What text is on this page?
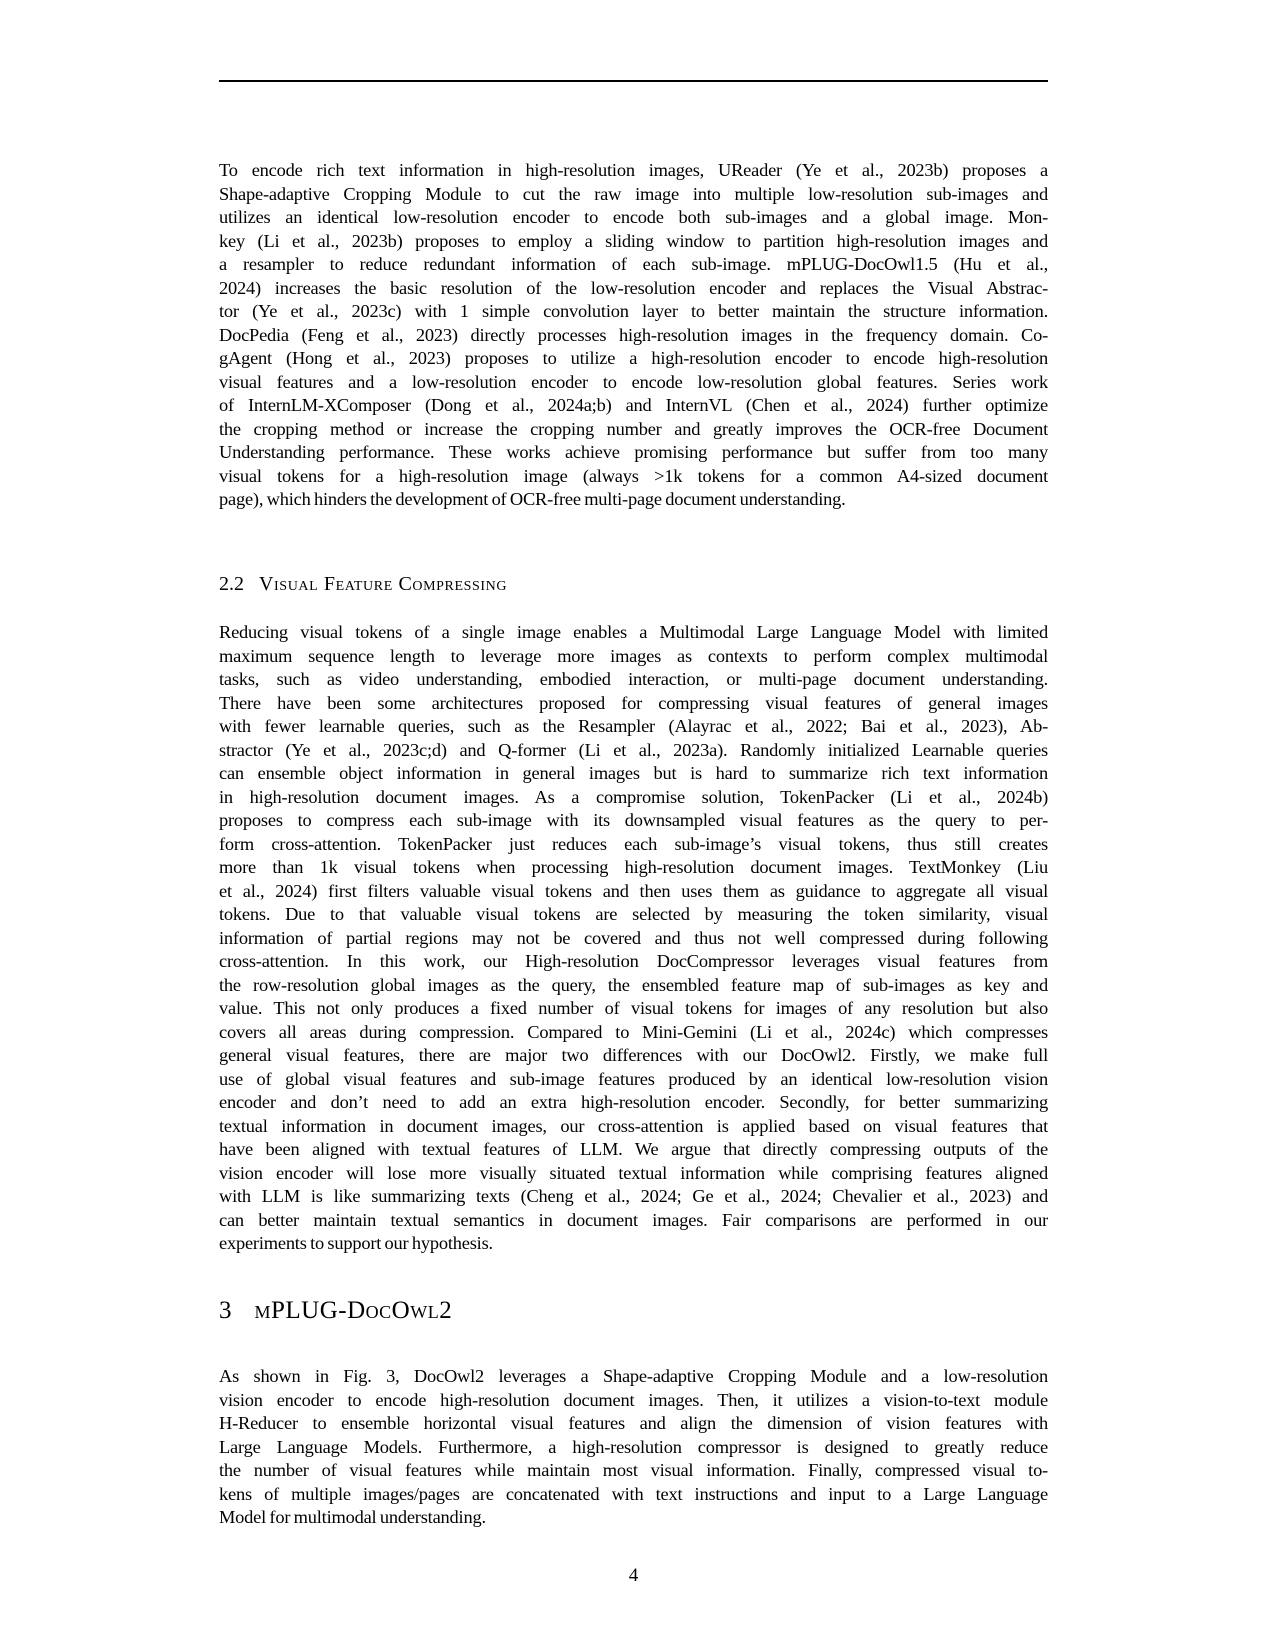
To encode rich text information in high-resolution images, UReader (Ye et al., 2023b) proposes a
Shape-adaptive Cropping Module to cut the raw image into multiple low-resolution sub-images and
utilizes an identical low-resolution encoder to encode both sub-images and a global image. Mon-
key (Li et al., 2023b) proposes to employ a sliding window to partition high-resolution images and
a resampler to reduce redundant information of each sub-image. mPLUG-DocOwl1.5 (Hu et al.,
2024) increases the basic resolution of the low-resolution encoder and replaces the Visual Abstrac-
tor (Ye et al., 2023c) with 1 simple convolution layer to better maintain the structure information.
DocPedia (Feng et al., 2023) directly processes high-resolution images in the frequency domain. Co-
gAgent (Hong et al., 2023) proposes to utilize a high-resolution encoder to encode high-resolution
visual features and a low-resolution encoder to encode low-resolution global features. Series work
of InternLM-XComposer (Dong et al., 2024a;b) and InternVL (Chen et al., 2024) further optimize
the cropping method or increase the cropping number and greatly improves the OCR-free Document
Understanding performance. These works achieve promising performance but suffer from too many
visual tokens for a high-resolution image (always >1k tokens for a common A4-sized document
page), which hinders the development of OCR-free multi-page document understanding.
2.2 Visual Feature Compressing
Reducing visual tokens of a single image enables a Multimodal Large Language Model with limited
maximum sequence length to leverage more images as contexts to perform complex multimodal
tasks, such as video understanding, embodied interaction, or multi-page document understanding.
There have been some architectures proposed for compressing visual features of general images
with fewer learnable queries, such as the Resampler (Alayrac et al., 2022; Bai et al., 2023), Ab-
stractor (Ye et al., 2023c;d) and Q-former (Li et al., 2023a). Randomly initialized Learnable queries
can ensemble object information in general images but is hard to summarize rich text information
in high-resolution document images. As a compromise solution, TokenPacker (Li et al., 2024b)
proposes to compress each sub-image with its downsampled visual features as the query to per-
form cross-attention. TokenPacker just reduces each sub-image’s visual tokens, thus still creates
more than 1k visual tokens when processing high-resolution document images. TextMonkey (Liu
et al., 2024) first filters valuable visual tokens and then uses them as guidance to aggregate all visual
tokens. Due to that valuable visual tokens are selected by measuring the token similarity, visual
information of partial regions may not be covered and thus not well compressed during following
cross-attention. In this work, our High-resolution DocCompressor leverages visual features from
the row-resolution global images as the query, the ensembled feature map of sub-images as key and
value. This not only produces a fixed number of visual tokens for images of any resolution but also
covers all areas during compression. Compared to Mini-Gemini (Li et al., 2024c) which compresses
general visual features, there are major two differences with our DocOwl2. Firstly, we make full
use of global visual features and sub-image features produced by an identical low-resolution vision
encoder and don’t need to add an extra high-resolution encoder. Secondly, for better summarizing
textual information in document images, our cross-attention is applied based on visual features that
have been aligned with textual features of LLM. We argue that directly compressing outputs of the
vision encoder will lose more visually situated textual information while comprising features aligned
with LLM is like summarizing texts (Cheng et al., 2024; Ge et al., 2024; Chevalier et al., 2023) and
can better maintain textual semantics in document images. Fair comparisons are performed in our
experiments to support our hypothesis.
3 mPLUG-DocOwl2
As shown in Fig. 3, DocOwl2 leverages a Shape-adaptive Cropping Module and a low-resolution
vision encoder to encode high-resolution document images. Then, it utilizes a vision-to-text module
H-Reducer to ensemble horizontal visual features and align the dimension of vision features with
Large Language Models. Furthermore, a high-resolution compressor is designed to greatly reduce
the number of visual features while maintain most visual information. Finally, compressed visual to-
kens of multiple images/pages are concatenated with text instructions and input to a Large Language
Model for multimodal understanding.
4
